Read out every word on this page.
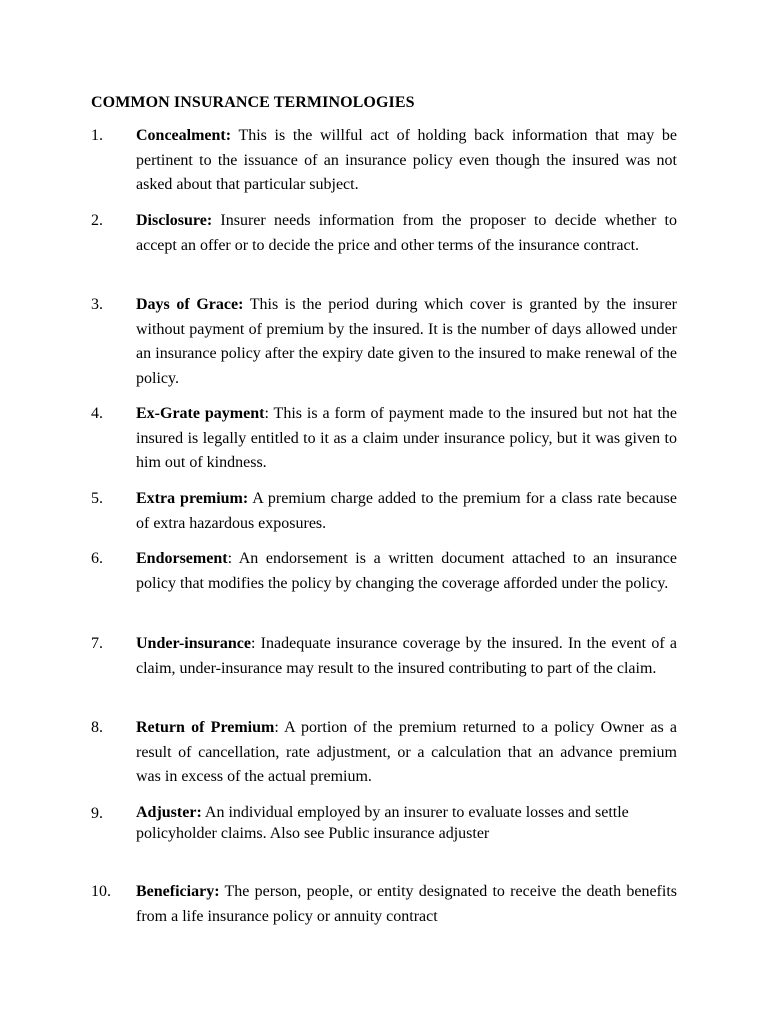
COMMON INSURANCE TERMINOLOGIES
1. Concealment: This is the willful act of holding back information that may be pertinent to the issuance of an insurance policy even though the insured was not asked about that particular subject.
2. Disclosure: Insurer needs information from the proposer to decide whether to accept an offer or to decide the price and other terms of the insurance contract.
3. Days of Grace: This is the period during which cover is granted by the insurer without payment of premium by the insured. It is the number of days allowed under an insurance policy after the expiry date given to the insured to make renewal of the policy.
4. Ex-Grate payment: This is a form of payment made to the insured but not hat the insured is legally entitled to it as a claim under insurance policy, but it was given to him out of kindness.
5. Extra premium: A premium charge added to the premium for a class rate because of extra hazardous exposures.
6. Endorsement: An endorsement is a written document attached to an insurance policy that modifies the policy by changing the coverage afforded under the policy.
7. Under-insurance: Inadequate insurance coverage by the insured. In the event of a claim, under-insurance may result to the insured contributing to part of the claim.
8. Return of Premium: A portion of the premium returned to a policy Owner as a result of cancellation, rate adjustment, or a calculation that an advance premium was in excess of the actual premium.
9. Adjuster: An individual employed by an insurer to evaluate losses and settle policyholder claims. Also see Public insurance adjuster
10. Beneficiary: The person, people, or entity designated to receive the death benefits from a life insurance policy or annuity contract
